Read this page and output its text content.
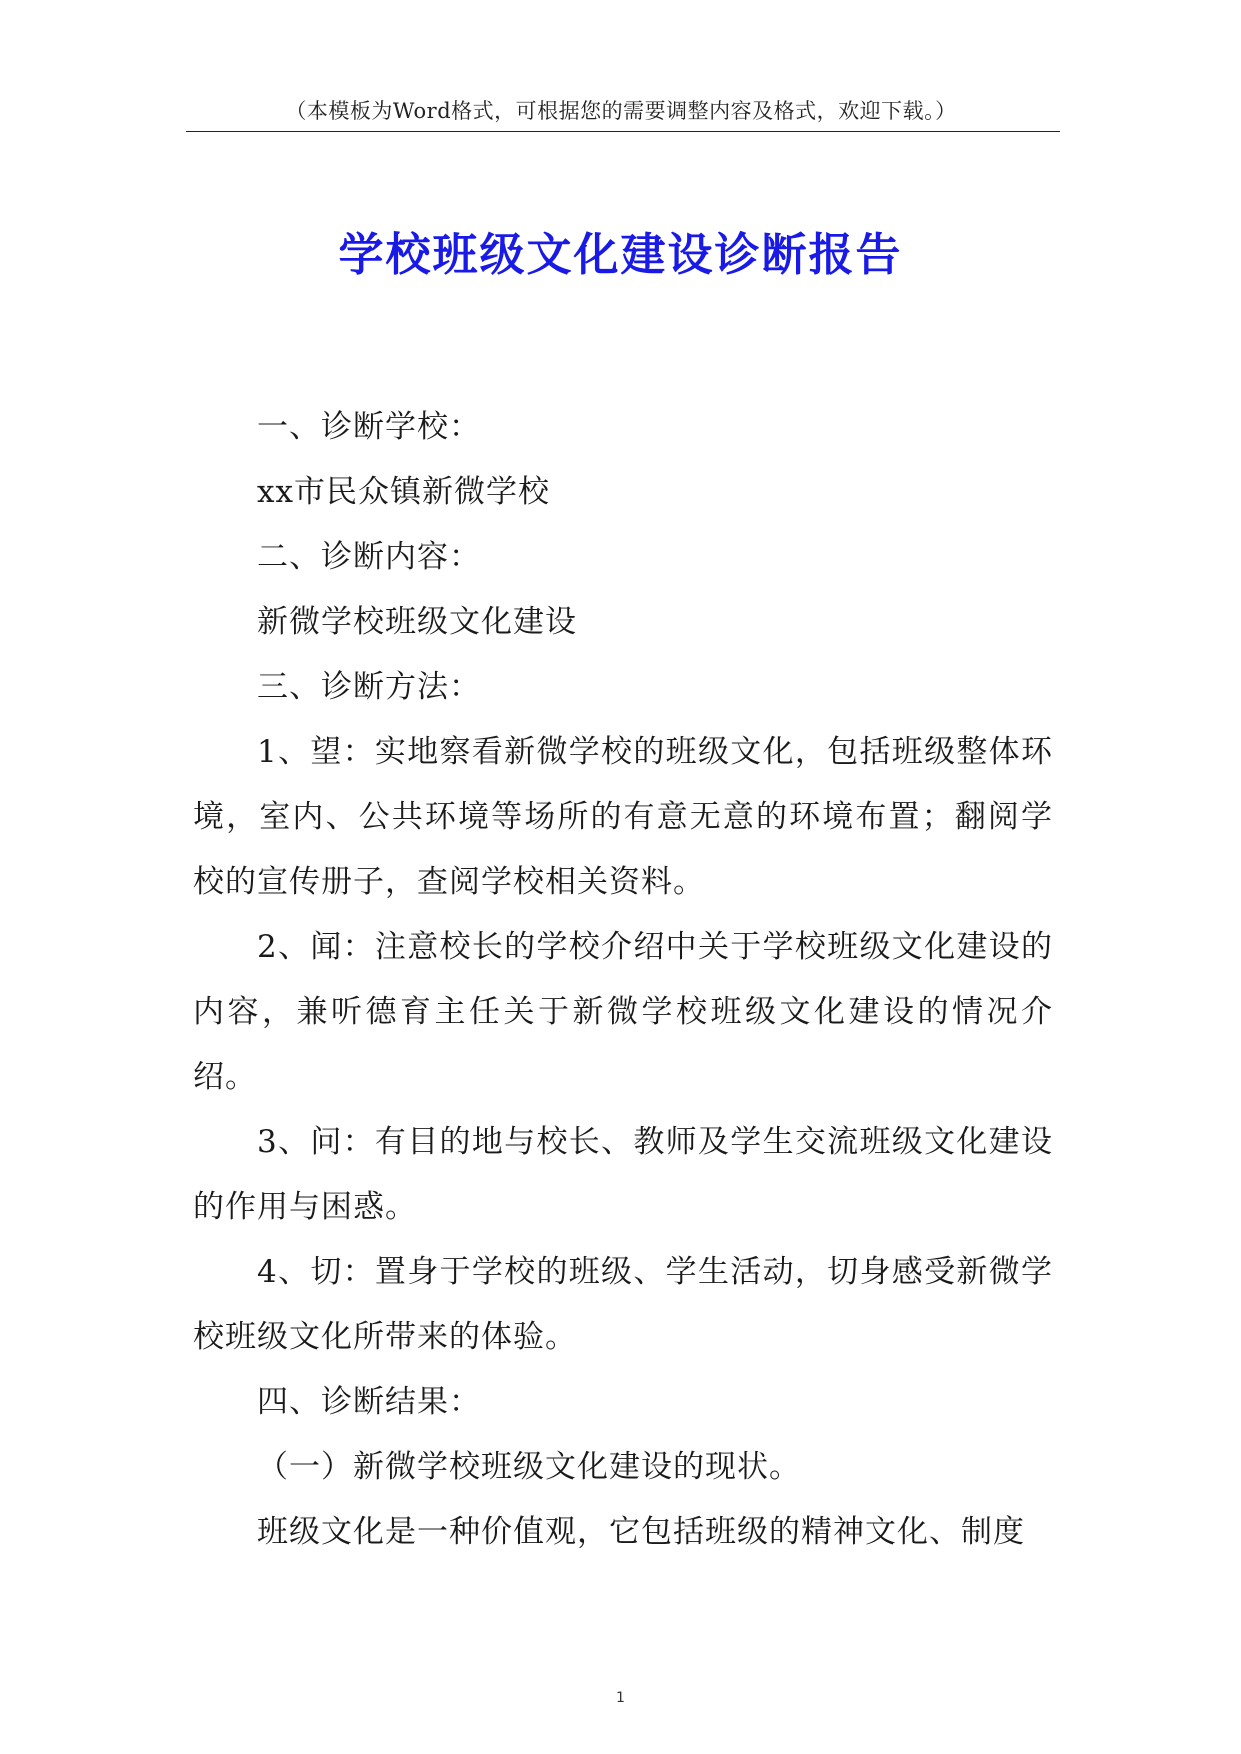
（本模板为Word格式，可根据您的需要调整内容及格式，欢迎下载。）
学校班级文化建设诊断报告

一、诊断学校：

xx市民众镇新微学校

二、诊断内容：

新微学校班级文化建设

三、诊断方法：

1、望：实地察看新微学校的班级文化，包括班级整体环境，室内、公共环境等场所的有意无意的环境布置；翻阅学校的宣传册子，查阅学校相关资料。

2、闻：注意校长的学校介绍中关于学校班级文化建设的内容，兼听德育主任关于新微学校班级文化建设的情况介绍。

3、问：有目的地与校长、教师及学生交流班级文化建设的作用与困惑。

4、切：置身于学校的班级、学生活动，切身感受新微学校班级文化所带来的体验。

四、诊断结果：

（一）新微学校班级文化建设的现状。

班级文化是一种价值观，它包括班级的精神文化、制度

1
